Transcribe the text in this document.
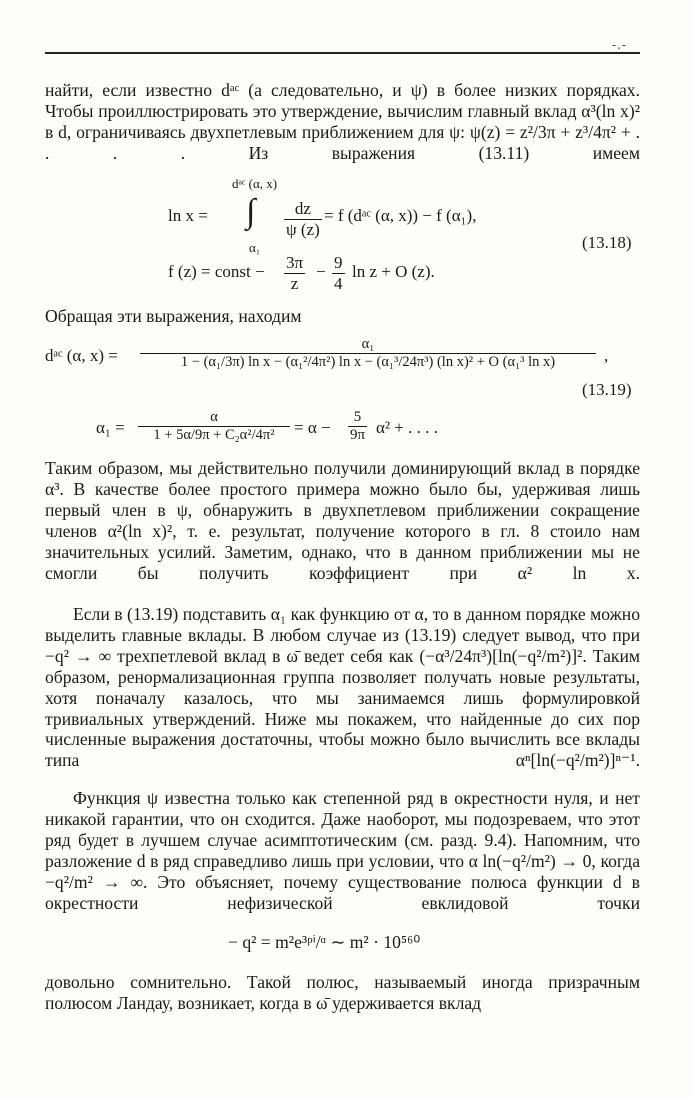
-.-
найти, если известно dᵃᶜ (а следовательно, и ψ) в более низких порядках. Чтобы проиллюстрировать это утверждение, вычислим главный вклад α³(ln x)² в d, ограничиваясь двухпетлевым приближением для ψ: ψ(z) = z²/3π + z³/4π² + . . . . Из выражения (13.11) имеем
dᵃᶜ (α, x)
ln x = ∫
α₁
$\frac{dz}{\psi (z)} = f$ (dᵃᶜ (α, x)) − f (α₁),
f (z) = const − $\frac{3\pi}{z} - \frac{9}{4}$ ln z + O (z).
(13.18)
Обращая эти выражения, находим
dᵃᶜ (α, x) =
α₁
1 − (α₁/3π) ln x − (α₁²/4π²) ln x − (α₁³/24π³) (ln x)² + O (α₁³ ln x)	,
(13.19)
$\alpha_1 = \frac{\alpha}{\text{1 + 5α/9π + C₂α²/4π²}} = \alpha - \frac{5}{9\pi} \alpha^2$ + . . . .
Таким образом, мы действительно получили доминирующий вклад в порядке α³. В качестве более простого примера можно было бы, удерживая лишь первый член в ψ, обнаружить в двухпетлевом приближении сокращение членов α²(ln x)², т. е. результат, получение которого в гл. 8 стоило нам значительных усилий. Заметим, однако, что в данном приближении мы не смогли бы получить коэффициент при α² ln x.
Если в (13.19) подставить α₁ как функцию от α, то в данном порядке можно выделить главные вклады. В любом случае из (13.19) следует вывод, что при −q² → ∞ трехпетлевой вклад в ω̄ ведет себя как (−α³/24π³)[ln(−q²/m²)]². Таким образом, ренормализационная группа позволяет получать новые результаты, хотя поначалу казалось, что мы занимаемся лишь формулировкой тривиальных утверждений. Ниже мы покажем, что найденные до сих пор численные выражения достаточны, чтобы можно было вычислить все вклады типа αⁿ[ln(−q²/m²)]ⁿ⁻¹.
Функция ψ известна только как степенной ряд в окрестности нуля, и нет никакой гарантии, что он сходится. Даже наоборот, мы подозреваем, что этот ряд будет в лучшем случае асимптотическим (см. разд. 9.4). Напомним, что разложение d в ряд справедливо лишь при условии, что α ln(−q²/m²) → 0, когда −q²/m² → ∞. Это объясняет, почему существование полюса функции d в окрестности нефизической евклидовой точки
− q² = m²e³ᵖⁱ/ᵅ ∼ m² · 10⁵⁶⁰
довольно сомнительно. Такой полюс, называемый иногда призрачным полюсом Ландау, возникает, когда в ω̄ удерживается вклад
